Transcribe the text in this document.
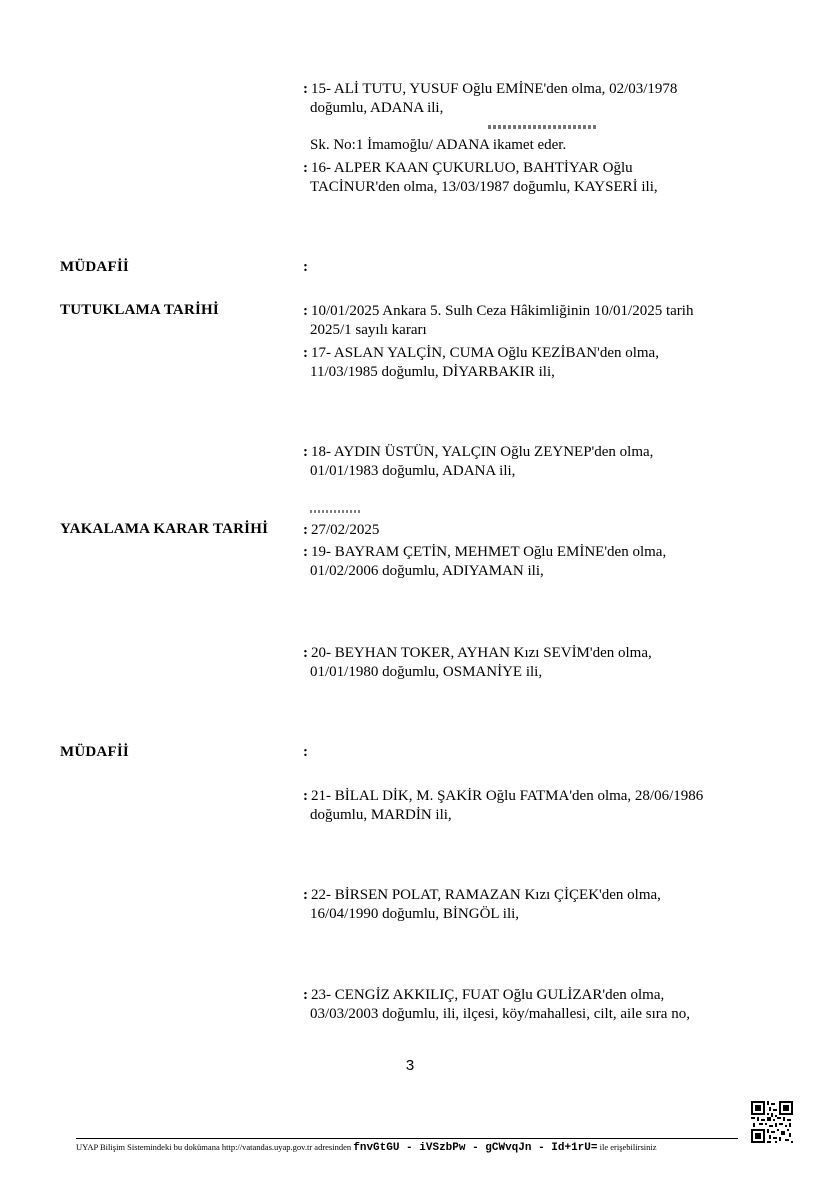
: 15- ALİ TUTU, YUSUF Oğlu EMİNE'den olma, 02/03/1978
doğumlu, ADANA ili,
Sk. No:1 İmamoğlu/ ADANA ikamet eder.
: 16- ALPER KAAN ÇUKURLUO, BAHTİYAR Oğlu
TACİNUR'den olma, 13/03/1987 doğumlu, KAYSERİ ili,
MÜDAFİİ	:
TUTUKLAMA TARİHİ	: 10/01/2025 Ankara 5. Sulh Ceza Hâkimliğinin 10/01/2025 tarih
2025/1 sayılı kararı
: 17- ASLAN YALÇİN, CUMA Oğlu KEZİBAN'den olma,
11/03/1985 doğumlu, DİYARBAKIR ili,
: 18- AYDIN ÜSTÜN, YALÇIN Oğlu ZEYNEP'den olma,
01/01/1983 doğumlu, ADANA ili,
YAKALAMA KARAR TARİHİ : 27/02/2025
: 19- BAYRAM ÇETİN, MEHMET Oğlu EMİNE'den olma,
01/02/2006 doğumlu, ADIYAMAN ili,
: 20- BEYHAN TOKER, AYHAN Kızı SEVİM'den olma,
01/01/1980 doğumlu, OSMANİYE ili,
MÜDAFİİ	:
: 21- BİLAL DİK, M. ŞAKİR Oğlu FATMA'den olma, 28/06/1986
doğumlu, MARDİN ili,
: 22- BİRSEN POLAT, RAMAZAN Kızı ÇİÇEK'den olma,
16/04/1990 doğumlu, BİNGÖL ili,
: 23- CENGİZ AKKILIÇ, FUAT Oğlu GULİZAR'den olma,
03/03/2003 doğumlu, ili, ilçesi, köy/mahallesi, cilt, aile sıra no,
3
UYAP Bilişim Sistemindeki bu dokümana http://vatandas.uyap.gov.tr adresinden fnvGtGU - iVSzbPw - gCWvqJn - Id+1rU= ile erişebilirsiniz
